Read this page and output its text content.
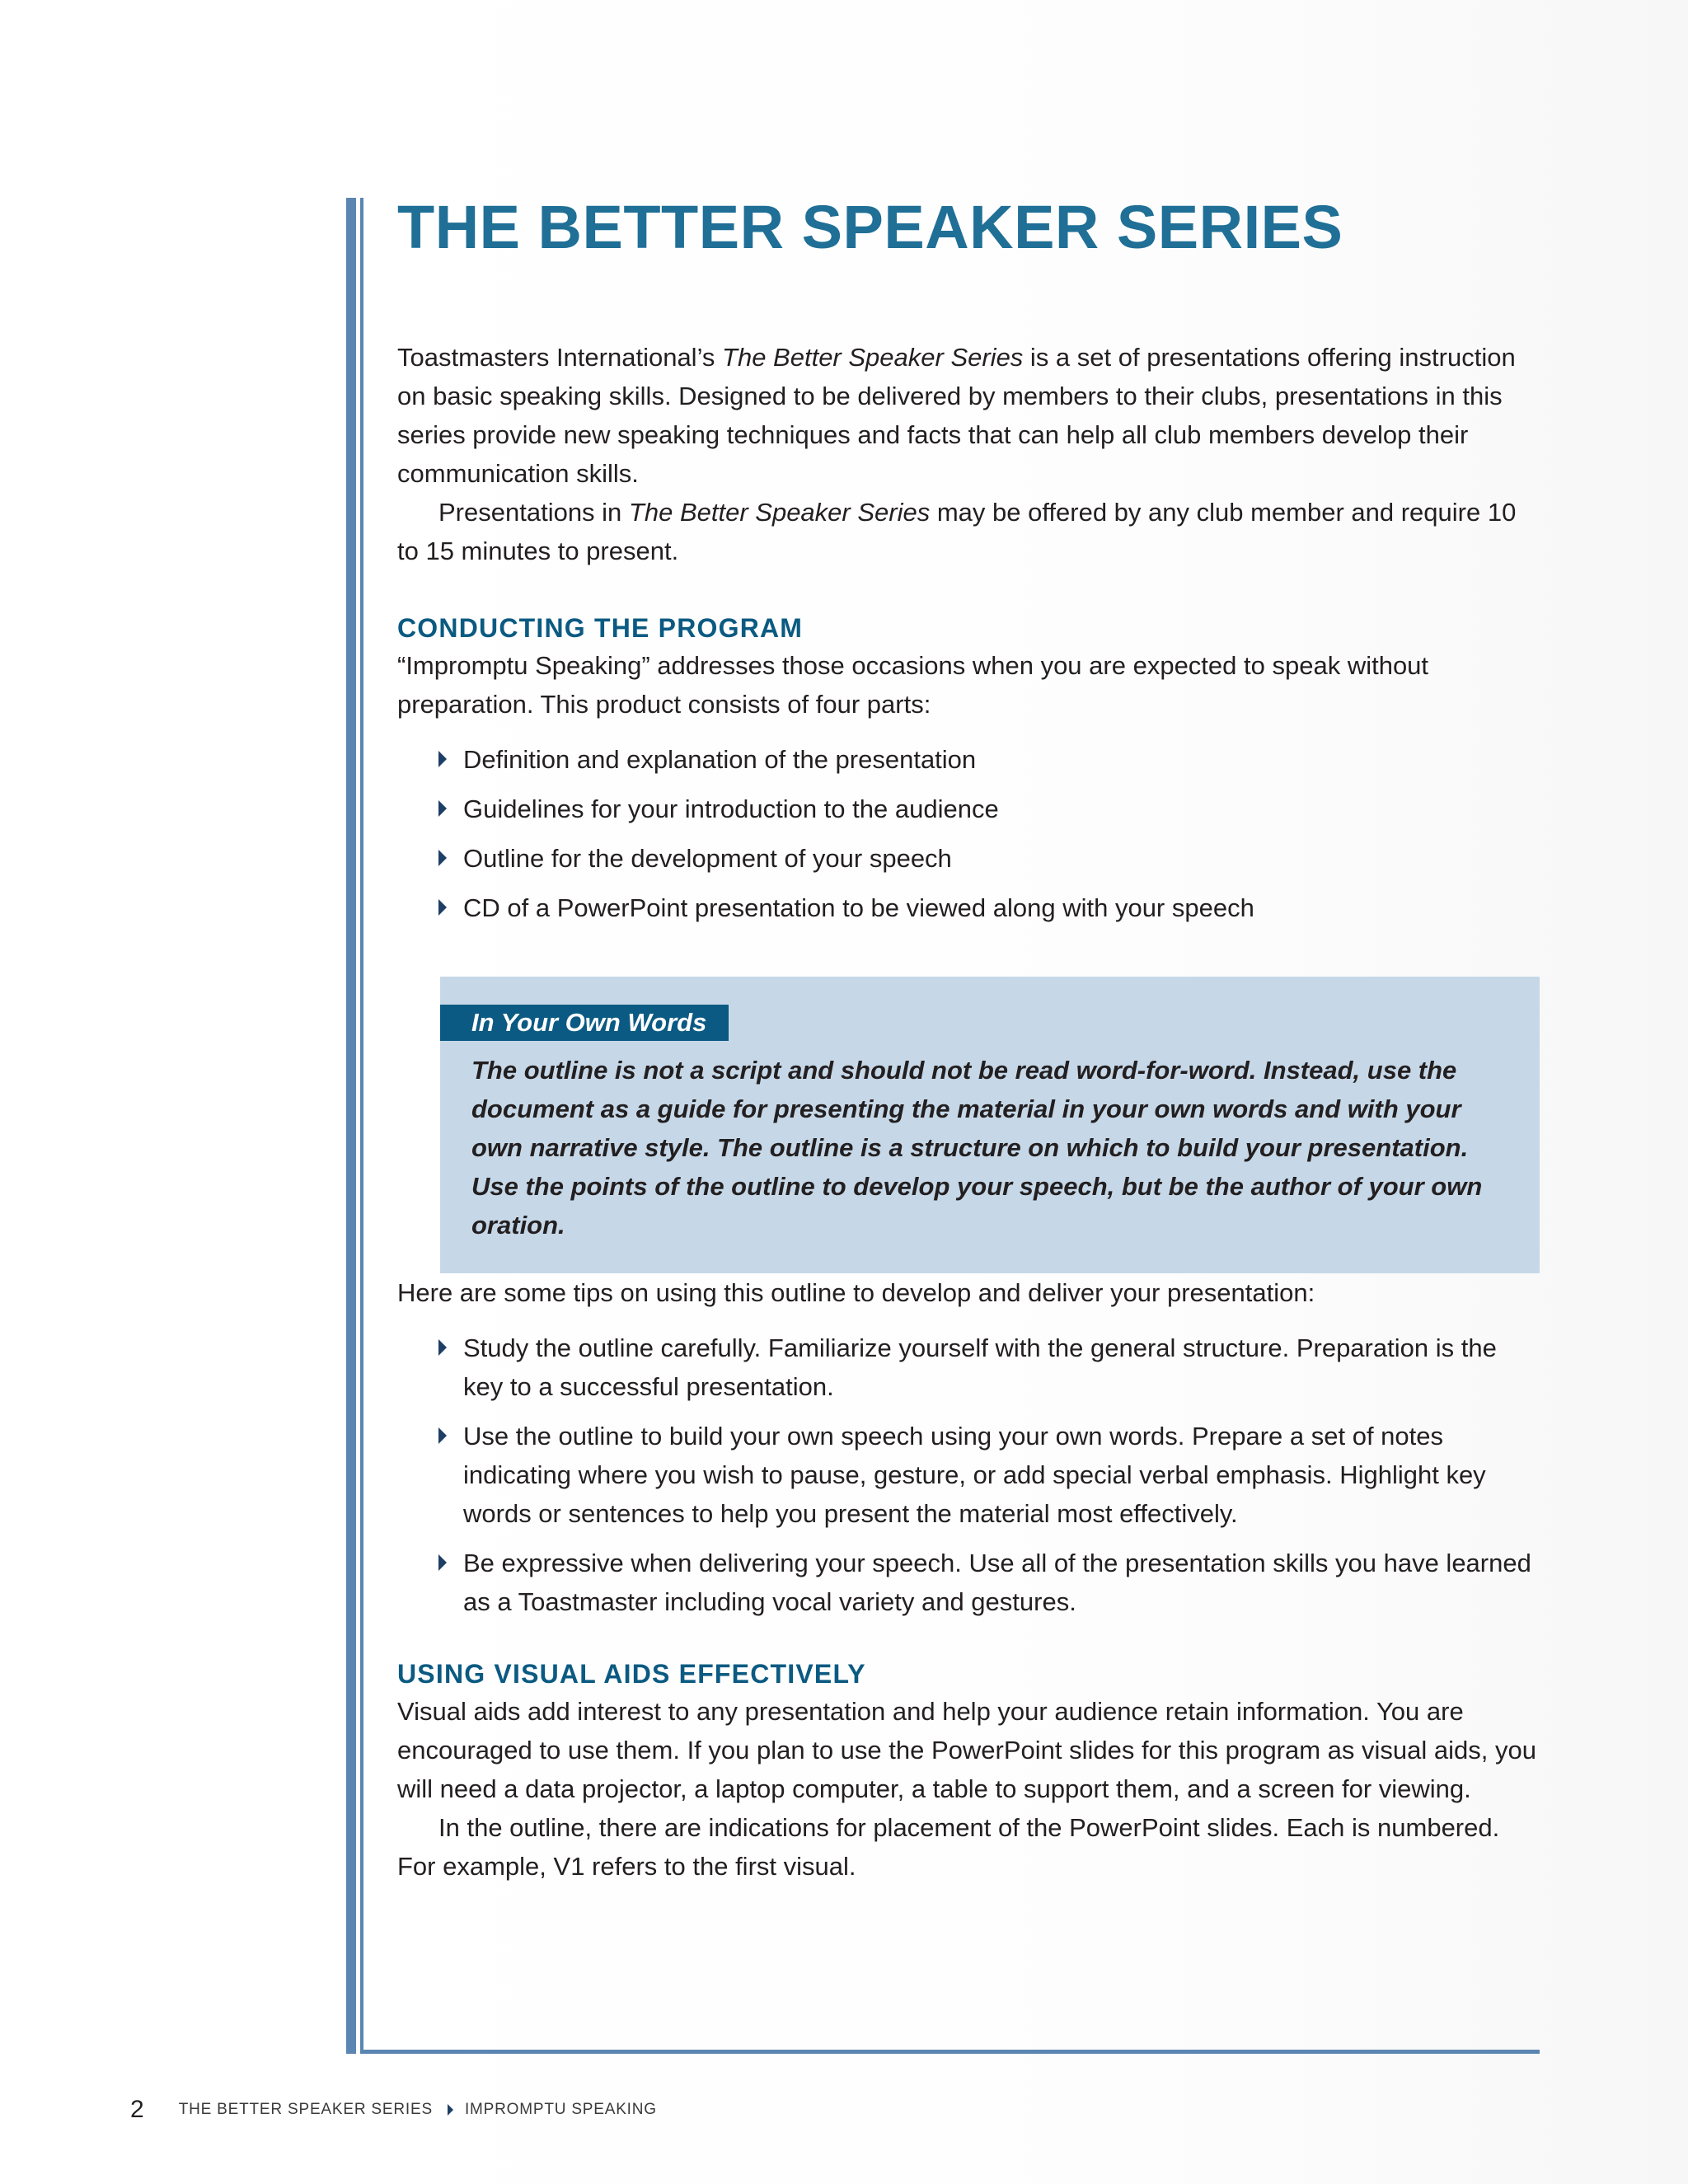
THE BETTER SPEAKER SERIES

Toastmasters International’s The Better Speaker Series is a set of presentations offering instruction on basic speaking skills. Designed to be delivered by members to their clubs, presentations in this series provide new speaking techniques and facts that can help all club members develop their communication skills.

Presentations in The Better Speaker Series may be offered by any club member and require 10 to 15 minutes to present.

CONDUCTING THE PROGRAM

“Impromptu Speaking” addresses those occasions when you are expected to speak without preparation. This product consists of four parts:

Definition and explanation of the presentation
Guidelines for your introduction to the audience
Outline for the development of your speech
CD of a PowerPoint presentation to be viewed along with your speech
In Your Own Words

The outline is not a script and should not be read word-for-word. Instead, use the document as a guide for presenting the material in your own words and with your own narrative style. The outline is a structure on which to build your presentation. Use the points of the outline to develop your speech, but be the author of your own oration.

Here are some tips on using this outline to develop and deliver your presentation:

Study the outline carefully. Familiarize yourself with the general structure. Preparation is the key to a successful presentation.
Use the outline to build your own speech using your own words. Prepare a set of notes indicating where you wish to pause, gesture, or add special verbal emphasis. Highlight key words or sentences to help you present the material most effectively.
Be expressive when delivering your speech. Use all of the presentation skills you have learned as a Toastmaster including vocal variety and gestures.
USING VISUAL AIDS EFFECTIVELY

Visual aids add interest to any presentation and help your audience retain information. You are encouraged to use them. If you plan to use the PowerPoint slides for this program as visual aids, you will need a data projector, a laptop computer, a table to support them, and a screen for viewing.

In the outline, there are indications for placement of the PowerPoint slides. Each is numbered. For example, V1 refers to the first visual.

2 THE BETTER SPEAKER SERIES IMPROMPTU SPEAKING
